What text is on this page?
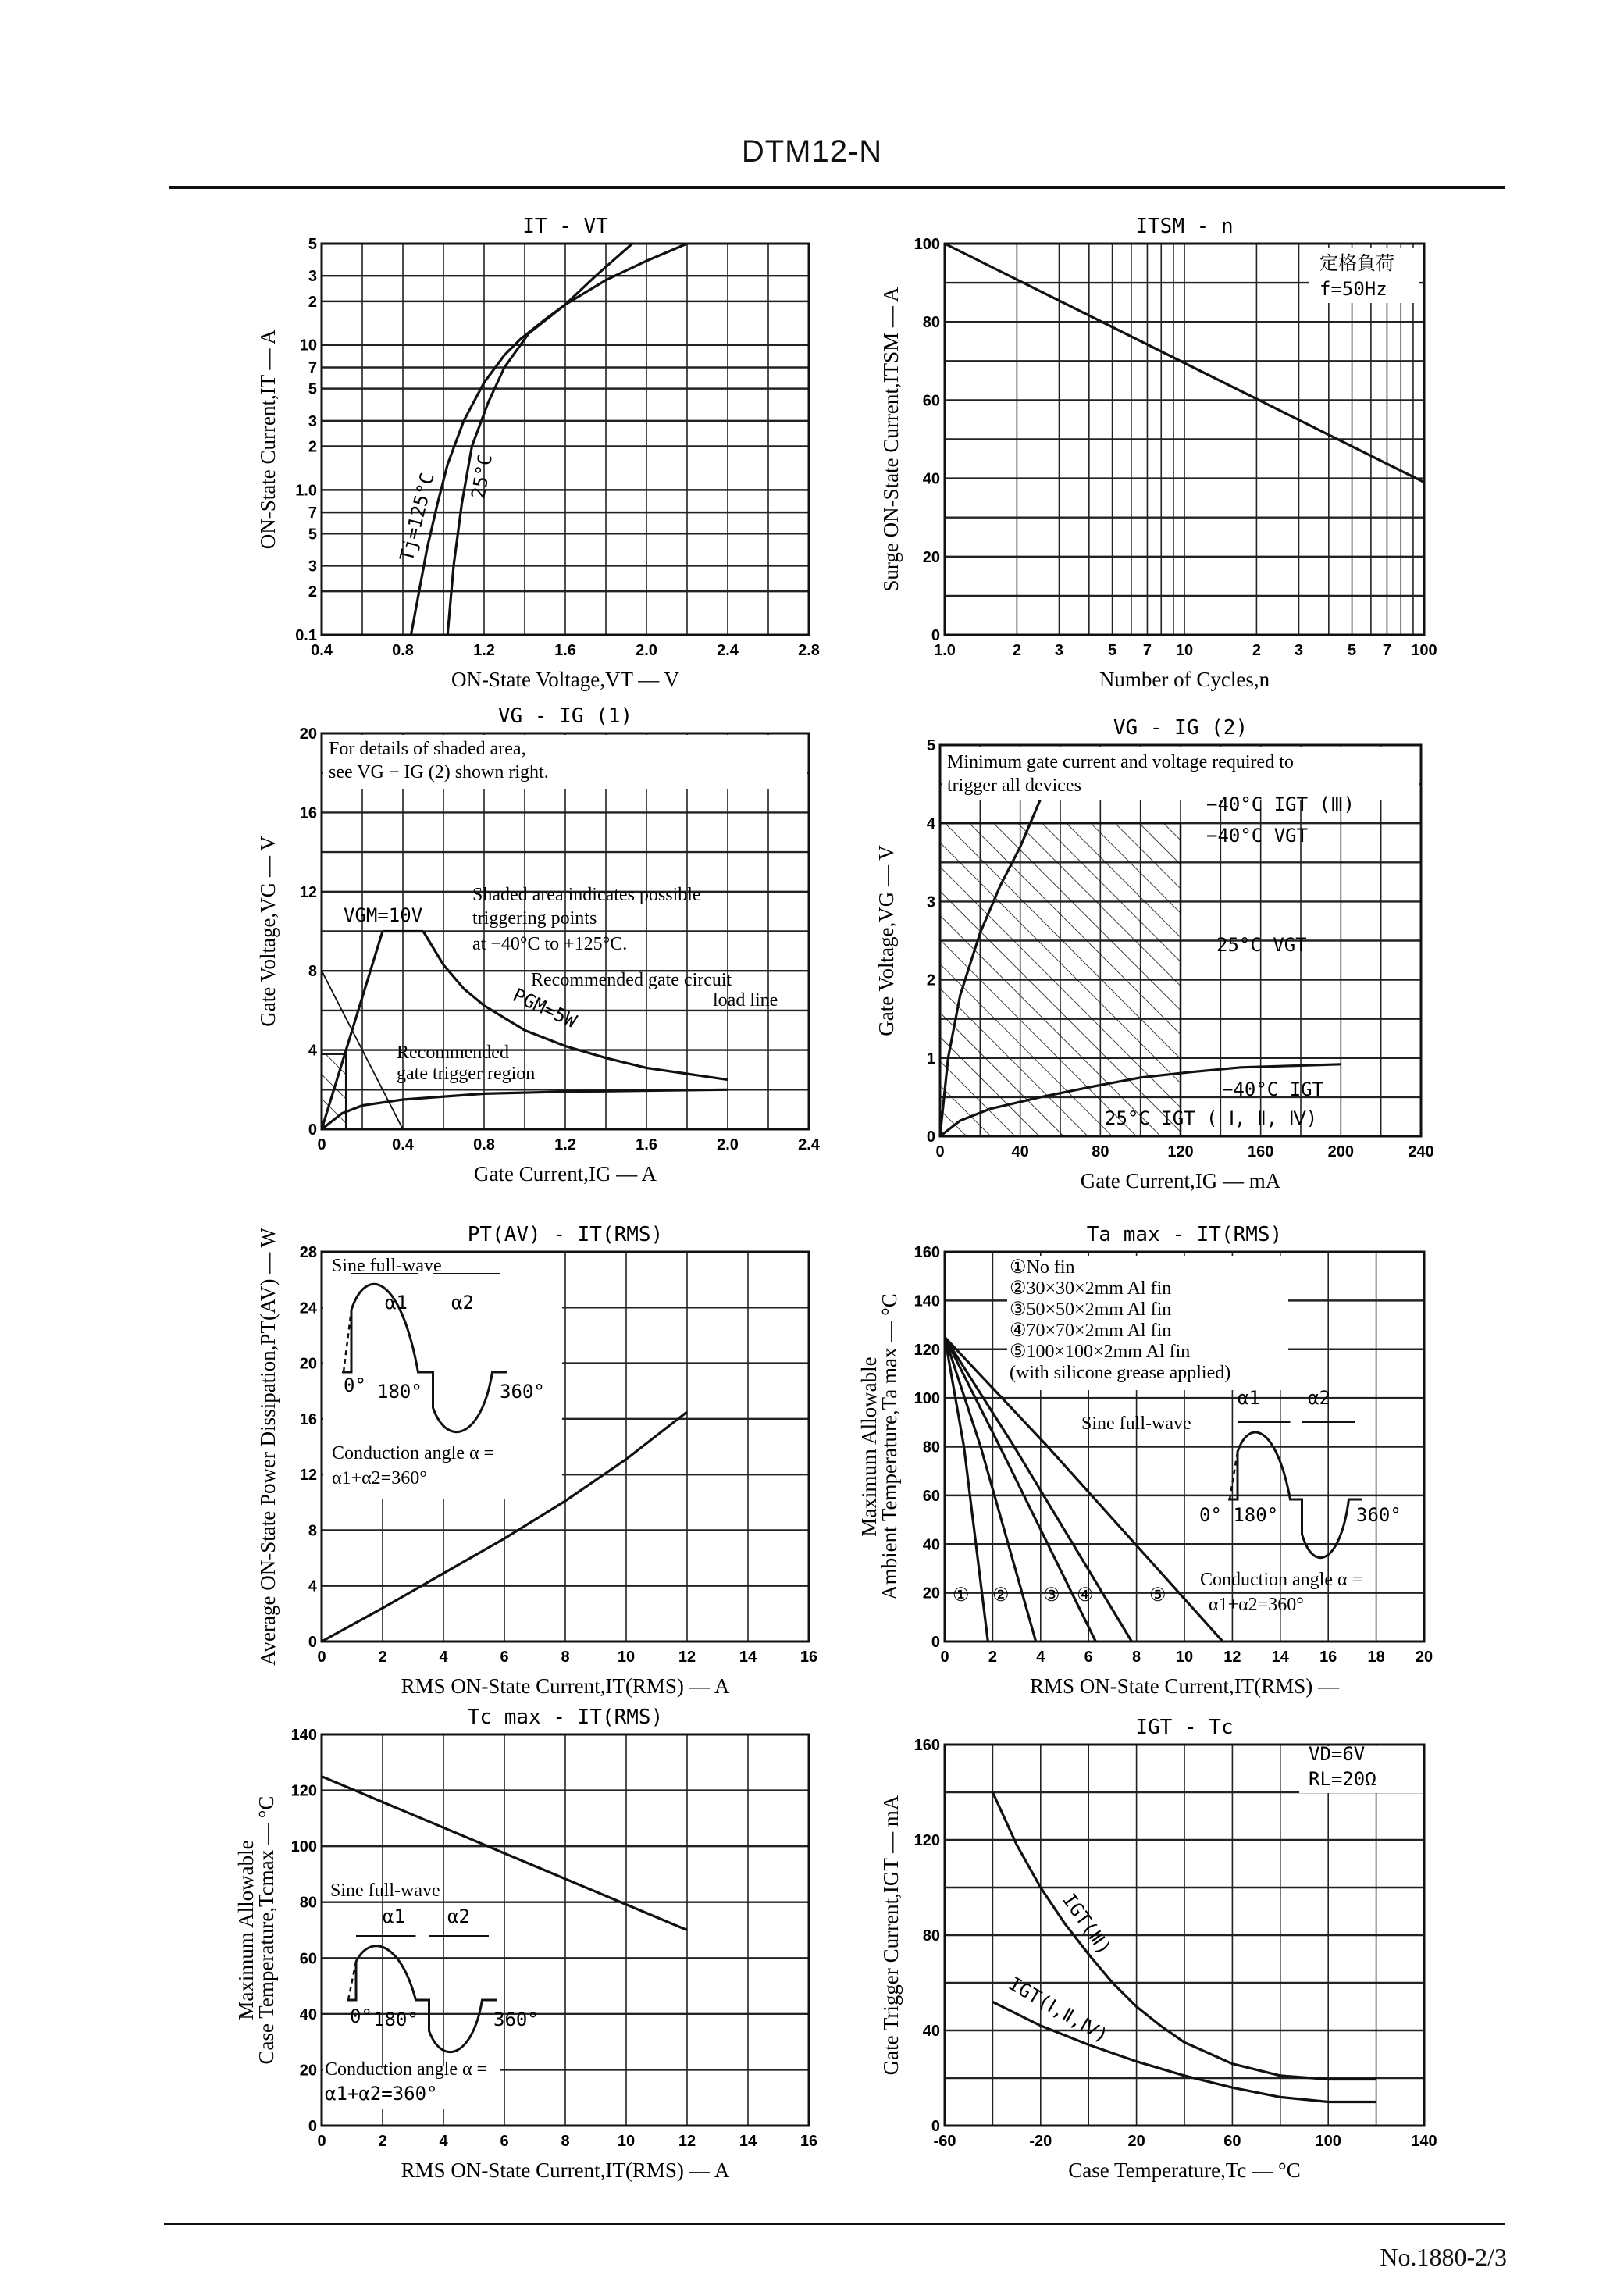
DTM12-N
0.4	0.8	1.2	1.6	2.0	2.4	2.8
0.1
2
3
5
7
1.0
2
3
5
7
10
2
3
5
IT - VT
ON-State Voltage,VT — V
ON-State Current,IT — A	Tj=125°C 25°C
1.0	2 3	5 7 10	2 3	5 7 100
0
20
40
60
80
100
ITSM - n
Number of Cycles,n
Surge ON-State Current,ITSM — A
定格負荷
f=50Hz
0	0.4	0.8	1.2	1.6	2.0	2.4
0
4
8
12
16
20
VG - IG (1)
Gate Current,IG — A
Gate Voltage,VG — V
For details of shaded area,
see VG − IG (2) shown right.
Shaded area indicates possible
triggering points
at −40°C to +125°C.
VGM=10V
Recommended gate circuit
load line
PGM=5W
Recommended
gate trigger region
0	40	80	120	160	200	240
0
1
2
3
4
5
VG - IG (2)
Gate Current,IG — mA
Gate Voltage,VG — V
Minimum gate current and voltage required to
trigger all devices
−40°C IGT (Ⅲ)
−40°C VGT
25°C VGT
−40°C IGT
25°C IGT ( Ⅰ, Ⅱ, Ⅳ)
0	2	4	6	8	10	12	14	16
0
4
8
12
16
20
24
28
PT(AV) - IT(RMS)
RMS ON-State Current,IT(RMS) — A
Average ON-State Power Dissipation,PT(AV) — W	Sine full-wave
α1 α2
0° 180°	360°
Conduction angle α =
α1+α2=360°
0	2	4	6	8 10 12 14 16 18 20
0
20
40
60
80
100
120
140
160
Ta max - IT(RMS)
RMS ON-State Current,IT(RMS) —
Maximum Allowable
Ambient Temperature,Ta max — °C
①No fin
②30×30×2mm Al fin
③50×50×2mm Al fin
④70×70×2mm Al fin
⑤100×100×2mm Al fin
(with silicone grease applied)
Sine full-wave
α1	α2
0° 180°	360°
Conduction angle α =
α1+α2=360°
① ② ③ ④	⑤
0	2	4	6	8	10	12	14	16
0
20
40
60
80
100
120
140
Tc max - IT(RMS)
RMS ON-State Current,IT(RMS) — A
Maximum Allowable
Case Temperature,Tcmax — °C	Sine full-wave
α1 α2
0° 180°	360°
Conduction angle α =
α1+α2=360°
-60	-20	20	60	100	140
0
40
80
120
160
IGT - Tc
Case Temperature,Tc — °C
Gate Trigger Current,IGT — mA
VD=6V
RL=20Ω
IGT(Ⅲ)
IGT(Ⅰ,Ⅱ,Ⅳ)
No.1880-2/3
